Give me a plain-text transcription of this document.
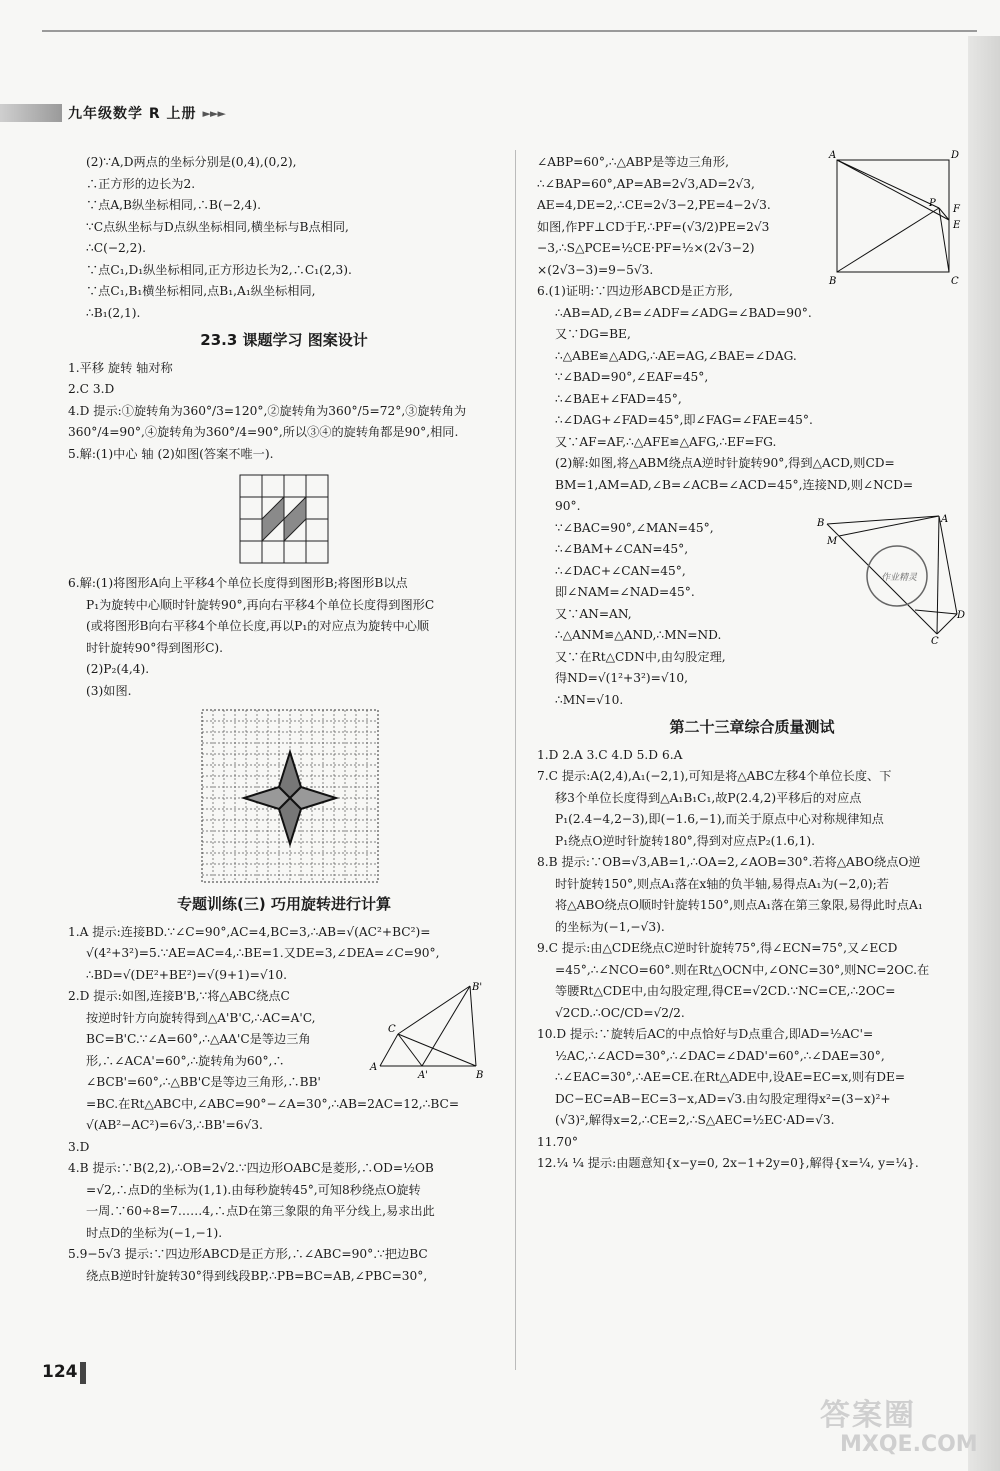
九年级数学 R 上册 ►►►

(2)∵A,D两点的坐标分别是(0,4),(0,2),

∴正方形的边长为2.

∵点A,B纵坐标相同,∴B(−2,4).

∵C点纵坐标与D点纵坐标相同,横坐标与B点相同,

∴C(−2,2).

∵点C₁,D₁纵坐标相同,正方形边长为2,∴C₁(2,3).

∵点C₁,B₁横坐标相同,点B₁,A₁纵坐标相同,

∴B₁(2,1).

23.3 课题学习 图案设计

1.平移 旋转 轴对称

2.C 3.D

4.D 提示:①旋转角为360°/3=120°,②旋转角为360°/5=72°,③旋转角为

360°/4=90°,④旋转角为360°/4=90°,所以③④的旋转角都是90°,相同.

5.解:(1)中心 轴 (2)如图(答案不唯一).

6.解:(1)将图形A向上平移4个单位长度得到图形B;将图形B以点

P₁为旋转中心顺时针旋转90°,再向右平移4个单位长度得到图形C

(或将图形B向右平移4个单位长度,再以P₁的对应点为旋转中心顺

时针旋转90°得到图形C).

(2)P₂(4,4).

(3)如图.

专题训练(三) 巧用旋转进行计算

1.A 提示:连接BD.∵∠C=90°,AC=4,BC=3,∴AB=√(AC²+BC²)=

√(4²+3²)=5.∵AE=AC=4,∴BE=1.又DE=3,∠DEA=∠C=90°,

∴BD=√(DE²+BE²)=√(9+1)=√10.

2.D 提示:如图,连接B'B,∵将△ABC绕点C

按逆时针方向旋转得到△A'B'C,∴AC=A'C,

BC=B'C.∵∠A=60°,∴△AA'C是等边三角

形,∴∠ACA'=60°,∴旋转角为60°,∴

∠BCB'=60°,∴△BB'C是等边三角形,∴BB'

=BC.在Rt△ABC中,∠ABC=90°−∠A=30°,∴AB=2AC=12,∴BC=

√(AB²−AC²)=6√3,∴BB'=6√3.

A
A'	B
C
B'

3.D

4.B 提示:∵B(2,2),∴OB=2√2.∵四边形OABC是菱形,∴OD=½OB

=√2,∴点D的坐标为(1,1).由每秒旋转45°,可知8秒绕点O旋转

一周.∵60÷8=7……4,∴点D在第三象限的角平分线上,易求出此

时点D的坐标为(−1,−1).

5.9−5√3 提示:∵四边形ABCD是正方形,∴∠ABC=90°.∵把边BC

绕点B逆时针旋转30°得到线段BP,∴PB=BC=AB,∠PBC=30°,

∠ABP=60°,∴△ABP是等边三角形,

∴∠BAP=60°,AP=AB=2√3,AD=2√3,

AE=4,DE=2,∴CE=2√3−2,PE=4−2√3.

如图,作PF⊥CD于F,∴PF=(√3/2)PE=2√3

−3,∴S△PCE=½CE·PF=½×(2√3−2)

×(2√3−3)=9−5√3.

A	D
B	C
P
F
E

6.(1)证明:∵四边形ABCD是正方形,

∴AB=AD,∠B=∠ADF=∠ADG=∠BAD=90°.

又∵DG=BE,

∴△ABE≌△ADG,∴AE=AG,∠BAE=∠DAG.

∵∠BAD=90°,∠EAF=45°,

∴∠BAE+∠FAD=45°,

∴∠DAG+∠FAD=45°,即∠FAG=∠FAE=45°.

又∵AF=AF,∴△AFE≌△AFG,∴EF=FG.

(2)解:如图,将△ABM绕点A逆时针旋转90°,得到△ACD,则CD=

BM=1,AM=AD,∠B=∠ACB=∠ACD=45°,连接ND,则∠NCD=

90°.

∵∠BAC=90°,∠MAN=45°,

∴∠BAM+∠CAN=45°,

∴∠DAC+∠CAN=45°,

即∠NAM=∠NAD=45°.

又∵AN=AN,

∴△ANM≌△AND,∴MN=ND.

又∵在Rt△CDN中,由勾股定理,

得ND=√(1²+3²)=√10,

∴MN=√10.

作业精灵
B
M
A
C
D
第二十三章综合质量测试

1.D 2.A 3.C 4.D 5.D 6.A

7.C 提示:A(2,4),A₁(−2,1),可知是将△ABC左移4个单位长度、下

移3个单位长度得到△A₁B₁C₁,故P(2.4,2)平移后的对应点

P₁(2.4−4,2−3),即(−1.6,−1),而关于原点中心对称规律知点

P₁绕点O逆时针旋转180°,得到对应点P₂(1.6,1).

8.B 提示:∵OB=√3,AB=1,∴OA=2,∠AOB=30°.若将△ABO绕点O逆

时针旋转150°,则点A₁落在x轴的负半轴,易得点A₁为(−2,0);若

将△ABO绕点O顺时针旋转150°,则点A₁落在第三象限,易得此时点A₁

的坐标为(−1,−√3).

9.C 提示:由△CDE绕点C逆时针旋转75°,得∠ECN=75°,又∠ECD

=45°,∴∠NCO=60°.则在Rt△OCN中,∠ONC=30°,则NC=2OC.在

等腰Rt△CDE中,由勾股定理,得CE=√2CD.∵NC=CE,∴2OC=

√2CD.∴OC/CD=√2/2.

10.D 提示:∵旋转后AC的中点恰好与D点重合,即AD=½AC'=

½AC,∴∠ACD=30°,∴∠DAC=∠DAD'=60°,∴∠DAE=30°,

∴∠EAC=30°,∴AE=CE.在Rt△ADE中,设AE=EC=x,则有DE=

DC−EC=AB−EC=3−x,AD=√3.由勾股定理得x²=(3−x)²+

(√3)²,解得x=2,∴CE=2,∴S△AEC=½EC·AD=√3.

11.70°

12.¼ ¼ 提示:由题意知{x−y=0, 2x−1+2y=0},解得{x=¼, y=¼}.

124
答案圈
MXQE.COM
